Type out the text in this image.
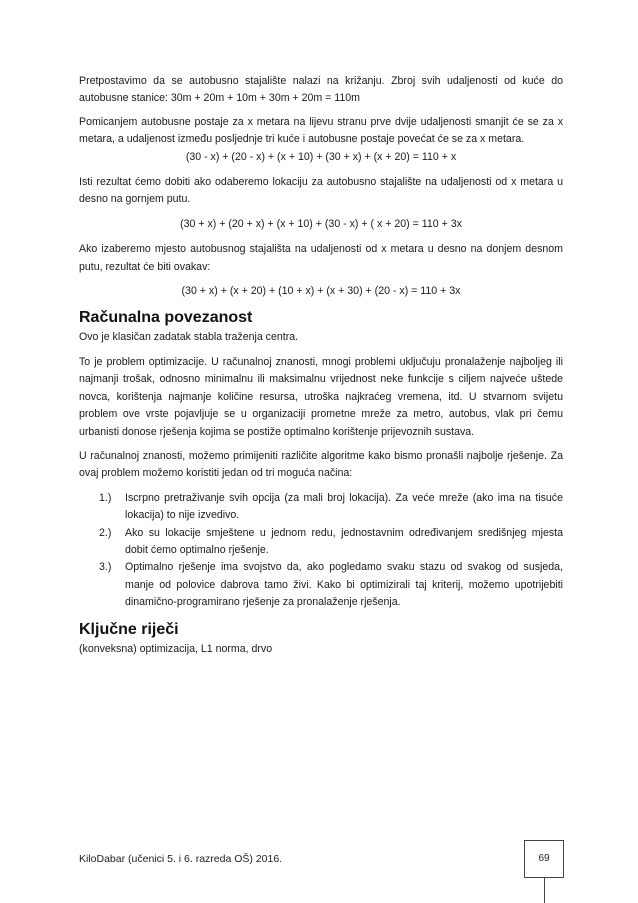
Pretpostavimo da se autobusno stajalište nalazi na križanju. Zbroj svih udaljenosti od kuće do autobusne stanice: 30m + 20m + 10m + 30m + 20m = 110m

Pomicanjem autobusne postaje za x metara na lijevu stranu prve dvije udaljenosti smanjit će se za x metara, a udaljenost između posljednje tri kuće i autobusne postaje povećat će se za x metara.

(30 - x) + (20 - x) + (x + 10) + (30 + x) + (x + 20) = 110 + x

Isti rezultat ćemo dobiti ako odaberemo lokaciju za autobusno stajalište na udaljenosti od x metara u desno na gornjem putu.

(30 + x) + (20 + x) + (x + 10) + (30 - x) + ( x + 20) = 110 + 3x

Ako izaberemo mjesto autobusnog stajališta na udaljenosti od x metara u desno na donjem desnom putu, rezultat će biti ovakav:

(30 + x) + (x + 20) + (10 + x) + (x + 30) + (20 - x) = 110 + 3x
Računalna povezanost

Ovo je klasičan zadatak stabla traženja centra.

To je problem optimizacije. U računalnoj znanosti, mnogi problemi uključuju pronalaženje najboljeg ili najmanji trošak, odnosno minimalnu ili maksimalnu vrijednost neke funkcije s ciljem najveće uštede novca, korištenja najmanje količine resursa, utroška najkraćeg vremena, itd. U stvarnom svijetu problem ove vrste pojavljuje se u organizaciji prometne mreže za metro, autobus, vlak pri čemu urbanisti donose rješenja kojima se postiže optimalno korištenje prijevoznih sustava.

U računalnoj znanosti, možemo primijeniti različite algoritme kako bismo pronašli najbolje rješenje. Za ovaj problem možemo koristiti jedan od tri moguća načina:

1.)	Iscrpno pretraživanje svih opcija (za mali broj lokacija). Za veće mreže (ako ima na tisuće lokacija) to nije izvedivo.
2.)	Ako su lokacije smještene u jednom redu, jednostavnim određivanjem središnjeg mjesta dobit ćemo optimalno rješenje.
3.)	Optimalno rješenje ima svojstvo da, ako pogledamo svaku stazu od svakog od susjeda, manje od polovice dabrova tamo živi. Kako bi optimizirali taj kriterij, možemo upotrijebiti dinamično-programirano rješenje za pronalaženje rješenja.
Ključne riječi

(konveksna) optimizacija, L1 norma, drvo

KiloDabar (učenici 5. i 6. razreda OŠ) 2016.	69
